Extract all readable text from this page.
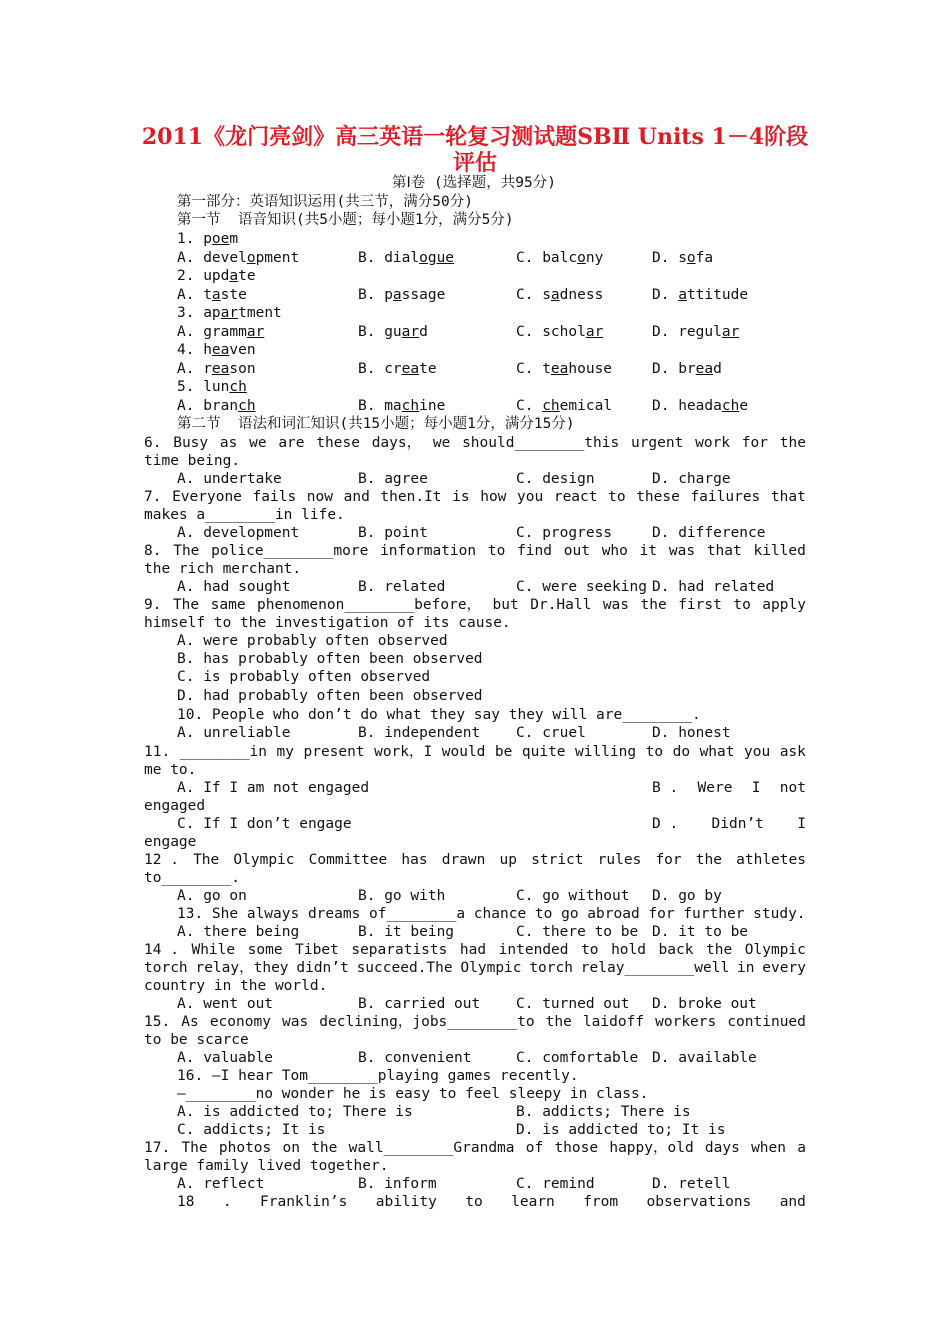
2011《龙门亮剑》高三英语一轮复习测试题SBⅡ Units 1－4阶段
评估
第Ⅰ卷 (选择题，共95分)
第一部分：英语知识运用(共三节，满分50分)
第一节  语音知识(共5小题；每小题1分，满分5分)
第二节  语法和词汇知识(共15小题；每小题1分，满分15分)
6. Busy as we are these days， we should________this urgent work for the
time being.
7. Everyone fails now and then.It is how you react to these failures that
makes a________in life.
8. The police________more information to find out who it was that killed
the rich merchant.
9. The same phenomenon________before， but Dr.Hall was the first to apply
himself to the investigation of its cause.
A. were probably often observed
B. has probably often been observed
C. is probably often observed
D. had probably often been observed
10. People who don’t do what they say they will are________.
11. ________in my present work，I would be quite willing to do what you ask
me to.
A. If I am not engaged	B . Were I not
engaged
C. If I don’t engage	D . Didn’t I
engage
12 . The Olympic Committee has drawn up strict rules for the athletes
to________.
13. She always dreams of________a chance to go abroad for further study.
14 . While some Tibet separatists had intended to hold back the Olympic
torch relay，they didn’t succeed.The Olympic torch relay________well in every
country in the world.
15. As economy was declining，jobs________to the laidoff workers continued
to be scarce
16. —I hear Tom________playing games recently.
—________no wonder he is easy to feel sleepy in class.
A. is addicted to; There is	B. addicts; There is
C. addicts; It is	D. is addicted to; It is
17. The photos on the wall________Grandma of those happy，old days when a
large family lived together.
18 . Franklin’s ability to learn from observations and
A. undertake	B. agree	C. design	D. charge
A. development	B. point	C. progress	D. difference
A. had sought	B. related	C. were seeking D. had related
A. unreliable	B. independent C. cruel	D. honest
A. go on	B. go with	C. go without D. go by
A. there being	B. it being	C. there to be D. it to be
A. went out	B. carried out C. turned out D. broke out
A. valuable	B. convenient	C. comfortable D. available
A. reflect	B. inform	C. remind	D. retell
1. poem
A. development	B. dialogue	C. balcony	D. sofa
2. update
A. taste	B. passage	C. sadness	D. attitude
3. apartment
A. grammar	B. guard	C. scholar	D. regular
4. heaven
A. reason	B. create	C. teahouse	D. bread
5. lunch
A. branch	B. machine	C. chemical	D. headache
